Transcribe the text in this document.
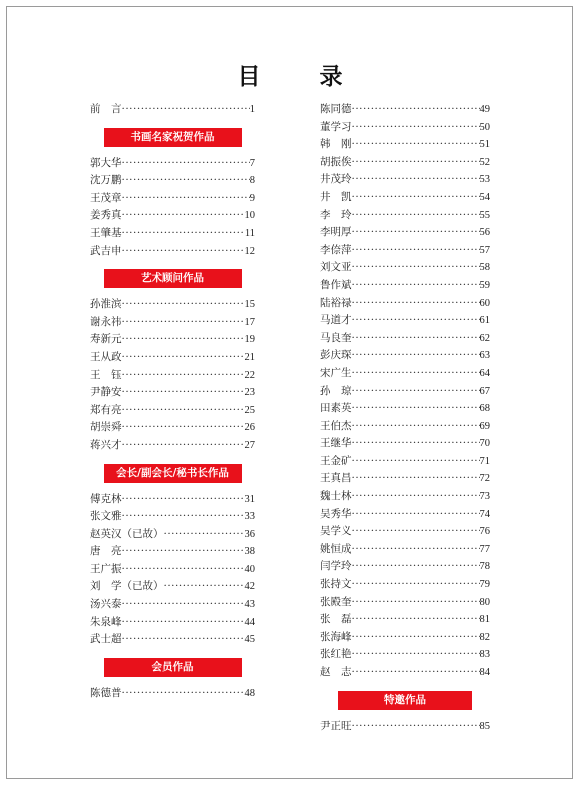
目　录
前　言 ·····	1
书画名家祝贺作品
郭大华 ·····	7
沈万鹏 ·····	8
王茂章 ·····	9
姜秀真 ·····	10
王肇基 ·····	11
武吉申 ·····	12
艺术顾问作品
孙淮滨 ·····	15
谢永祎 ·····	17
寿新元 ·····	19
王从政 ·····	21
王　钰 ·····	22
尹静安 ·····	23
郑有亮 ·····	25
胡崇舜 ·····	26
蒋兴才 ·····	27
会长/副会长/秘书长作品
傅克林 ·····	31
张文雅 ·····	33
赵英汉（已故） ·····	36
唐　亮 ·····	38
王广振 ·····	40
刘　学（已故） ·····	42
汤兴泰 ·····	43
朱泉峰 ·····	44
武士超 ·····	45
会员作品
陈德普 ·····	48
陈同德 ·····	49
董学习 ·····	50
韩　刚 ·····	51
胡振俟 ·····	52
井茂玲 ·····	53
井　凯 ·····	54
李　玲 ·····	55
李明厚 ·····	56
李倷萍 ·····	57
刘文亚 ·····	58
鲁作斌 ·····	59
陆裕禄 ·····	60
马道才 ·····	61
马良奎 ·····	62
彭庆琛 ·····	63
宋广生 ·····	64
孙　琼 ·····	67
田素英 ·····	68
王伯杰 ·····	69
王继华 ·····	70
王金矿 ·····	71
王真昌 ·····	72
魏士林 ·····	73
吴秀华 ·····	74
吴学义 ·····	76
姚恒成 ·····	77
闫学玲 ·····	78
张持文 ·····	79
张殿奎 ·····	80
张　磊 ·····	81
张海峰 ·····	82
张红艳 ·····	83
赵　志 ·····	84
特邀作品
尹正旺 ·····	85
